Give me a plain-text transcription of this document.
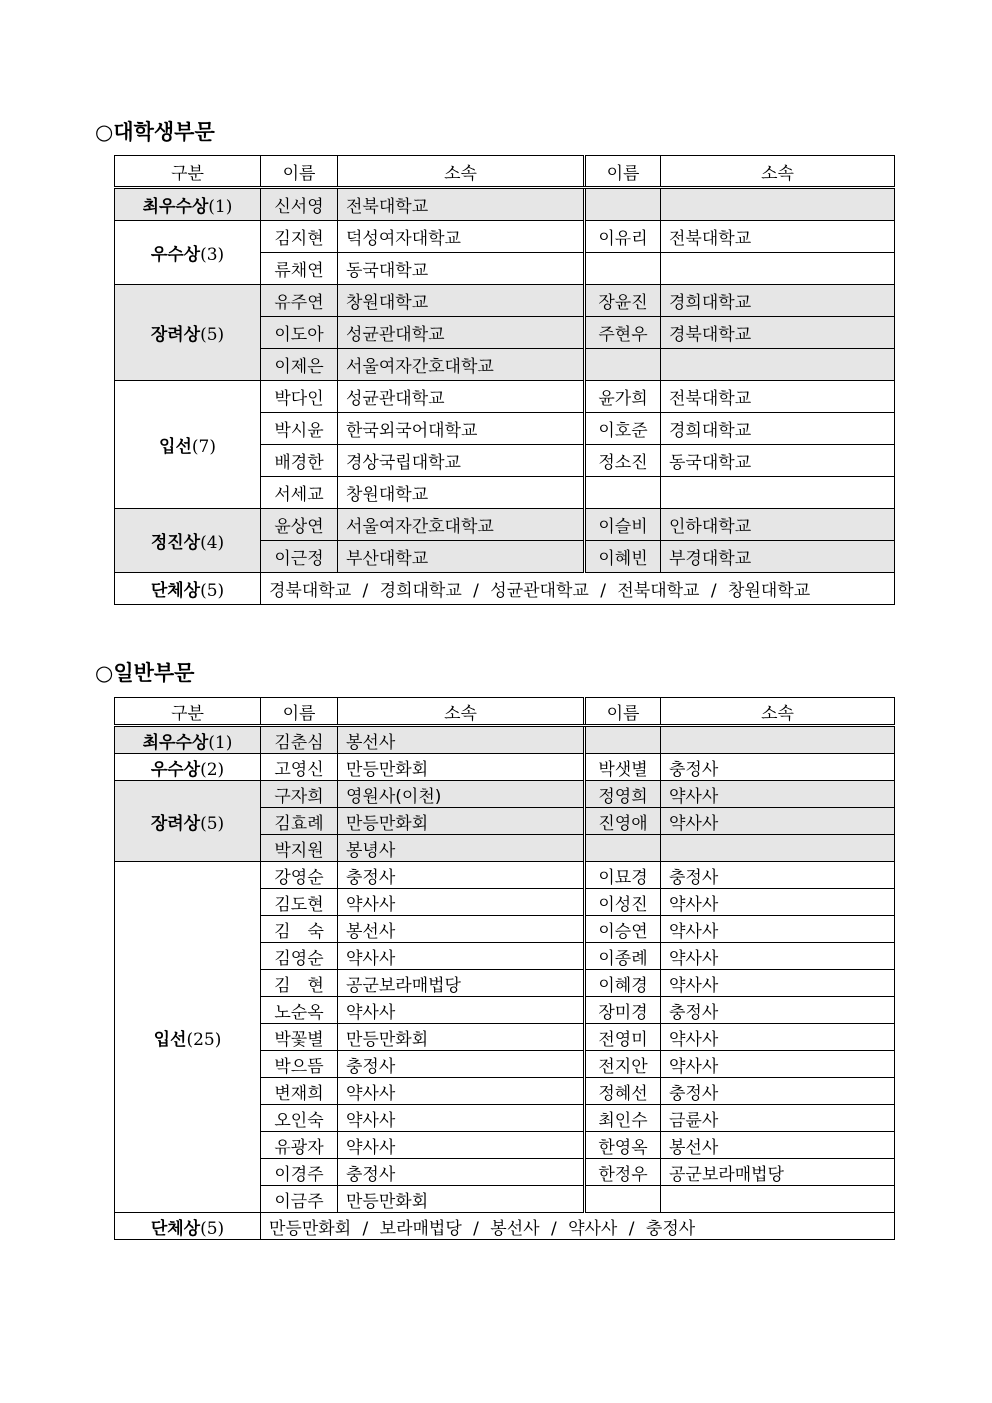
○대학생부문
구분	이름	소속	이름	소속
최우수상(1)	신서영	전북대학교		
우수상(3)	김지현	덕성여자대학교	이유리	전북대학교
	류채연	동국대학교		
장려상(5)	유주연	창원대학교	장윤진	경희대학교
	이도아	성균관대학교	주현우	경북대학교
	이제은	서울여자간호대학교		
입선(7)	박다인	성균관대학교	윤가희	전북대학교
	박시윤	한국외국어대학교	이호준	경희대학교
	배경한	경상국립대학교	정소진	동국대학교
	서세교	창원대학교		
정진상(4)	윤상연	서울여자간호대학교	이슬비	인하대학교
	이근정	부산대학교	이혜빈	부경대학교
단체상(5)	경북대학교 / 경희대학교 / 성균관대학교 / 전북대학교 / 창원대학교			
○일반부문
구분	이름	소속	이름	소속
최우수상(1)	김춘심	봉선사		
우수상(2)	고영신	만등만화회	박샛별	충정사
장려상(5)	구자희	영원사(이천)	정영희	약사사
	김효례	만등만화회	진영애	약사사
	박지원	봉녕사		
입선(25)	강영순	충정사	이묘경	충정사
	김도현	약사사	이성진	약사사
	김　숙	봉선사	이승연	약사사
	김영순	약사사	이종례	약사사
	김　현	공군보라매법당	이혜경	약사사
	노순옥	약사사	장미경	충정사
	박꽃별	만등만화회	전영미	약사사
	박으뜸	충정사	전지안	약사사
	변재희	약사사	정혜선	충정사
	오인숙	약사사	최인수	금륜사
	유광자	약사사	한영옥	봉선사
	이경주	충정사	한정우	공군보라매법당
	이금주	만등만화회		
단체상(5)	만등만화회 / 보라매법당 / 봉선사 / 약사사 / 충정사			
